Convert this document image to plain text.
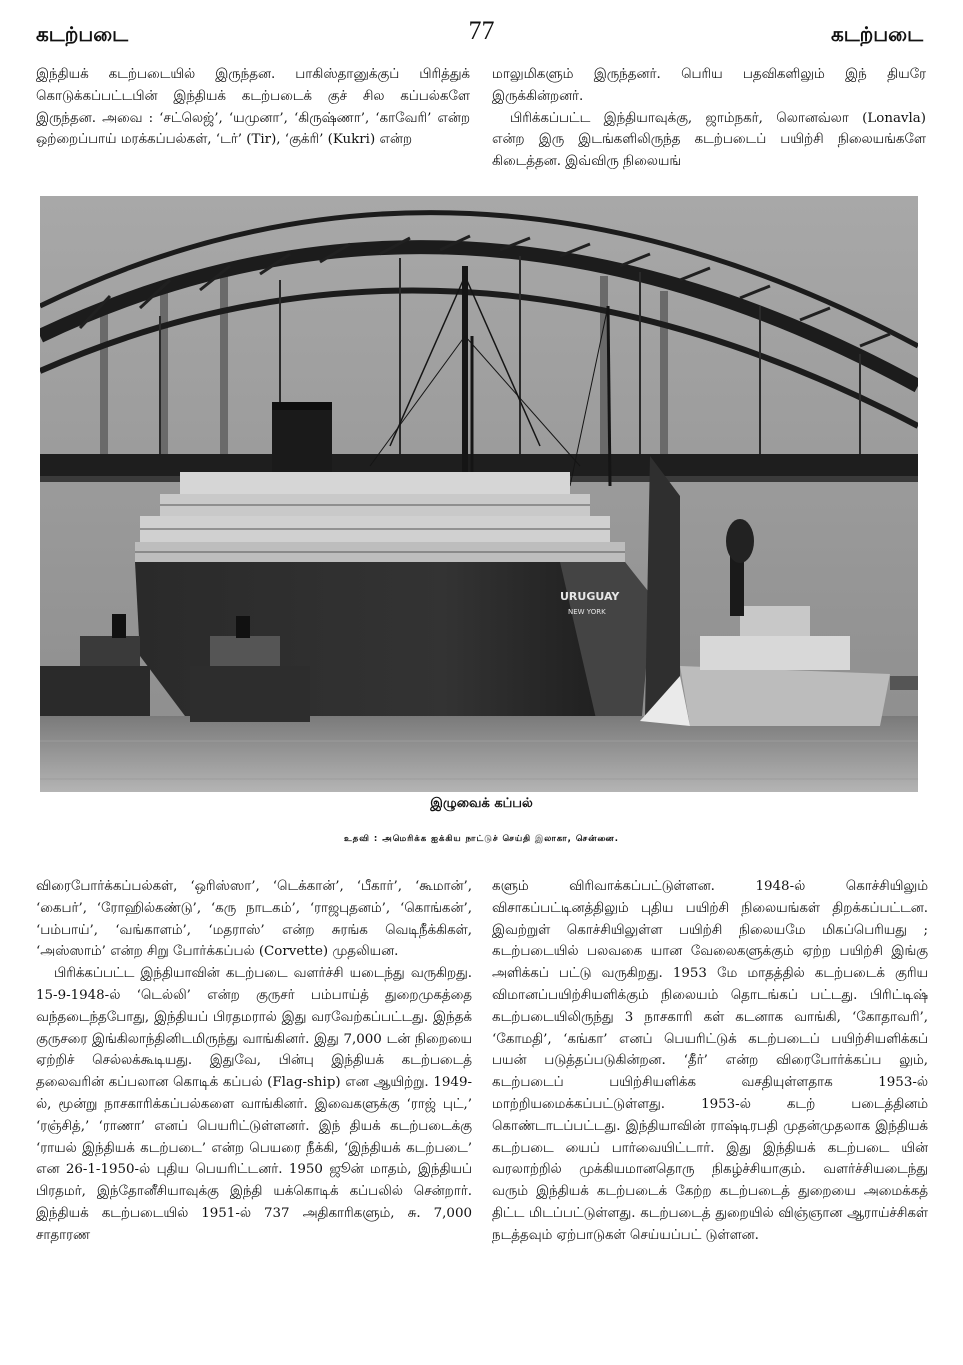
கடற்படை	77	கடற்படை

இந்தியக் கடற்படையில் இருந்தன. பாகிஸ்தானுக்குப் பிரித்துக் கொடுக்கப்பட்டபின் இந்தியக் கடற்படைக் குச் சில கப்பல்களே இருந்தன. அவை : ‘சட்லெஜ்’, ‘யமுனா’, ‘கிருஷ்ணா’, ‘காவேரி’ என்ற ஒற்றைப்பாய் மரக்கப்பல்கள், ‘டர்’ (Tir), ‘குக்ரி’ (Kukri) என்ற

மாலுமிகளும் இருந்தனர். பெரிய பதவிகளிலும் இந் தியரே இருக்கின்றனர்.

பிரிக்கப்பட்ட இந்தியாவுக்கு, ஜாம்நகர், லொனவ்லா (Lonavla) என்ற இரு இடங்களிலிருந்த கடற்படைப் பயிற்சி நிலையங்களே கிடைத்தன. இவ்விரு நிலையங்

URUGUAY
NEW YORK
இழுவைக் கப்பல்
உதவி : அமெரிக்க ஐக்கிய நாட்டுச் செய்தி இலாகா, சென்னை.

விரைபோர்க்கப்பல்கள், ‘ஒரிஸ்ஸா’, ‘டெக்கான்’, ‘பீகார்’, ‘கூமான்’, ‘கைபர்’, ‘ரோஹில்கண்டு’, ‘கரு நாடகம்’, ‘ராஜபுதனம்’, ‘கொங்கன்’, ‘பம்பாய்’, ‘வங்காளம்’, ‘மதராஸ்’ என்ற சுரங்க வெடிநீக்கிகள், ‘அஸ்ஸாம்’ என்ற சிறு போர்க்கப்பல் (Corvette) முதலியன.

பிரிக்கப்பட்ட இந்தியாவின் கடற்படை வளர்ச்சி யடைந்து வருகிறது. 15-9-1948-ல் ‘டெல்லி’ என்ற குருசர் பம்பாய்த் துறைமுகத்தை வந்தடைந்தபோது, இந்தியப் பிரதமரால் இது வரவேற்கப்பட்டது. இந்தக் குருசரை இங்கிலாந்தினிடமிருந்து வாங்கினர். இது 7,000 டன் நிறையை ஏற்றிச் செல்லக்கூடியது. இதுவே, பின்பு இந்தியக் கடற்படைத் தலைவரின் கப்பலான கொடிக் கப்பல் (Flag-ship) என ஆயிற்று. 1949-ல், மூன்று நாசகாரிக்கப்பல்களை வாங்கினர். இவைகளுக்கு ‘ராஜ் புட்,’ ‘ரஞ்சித்,’ ‘ராணா’ எனப் பெயரிட்டுள்ளனர். இந் தியக் கடற்படைக்கு ‘ராயல் இந்தியக் கடற்படை’ என்ற பெயரை நீக்கி, ‘இந்தியக் கடற்படை’ என 26-1-1950-ல் புதிய பெயரிட்டனர். 1950 ஜூன் மாதம், இந்தியப் பிரதமர், இந்தோனீசியாவுக்கு இந்தி யக்கொடிக் கப்பலில் சென்றார். இந்தியக் கடற்படையில் 1951-ல் 737 அதிகாரிகளும், சு. 7,000 சாதாரண

களும் விரிவாக்கப்பட்டுள்ளன. 1948-ல் கொச்சியிலும் விசாகப்பட்டினத்திலும் புதிய பயிற்சி நிலையங்கள் திறக்கப்பட்டன. இவற்றுள் கொச்சியிலுள்ள பயிற்சி நிலையமே மிகப்பெரியது ; கடற்படையில் பலவகை யான வேலைகளுக்கும் ஏற்ற பயிற்சி இங்கு அளிக்கப் பட்டு வருகிறது. 1953 மே மாதத்தில் கடற்படைக் குரிய விமானப்பயிற்சியளிக்கும் நிலையம் தொடங்கப் பட்டது. பிரிட்டிஷ் கடற்படையிலிருந்து 3 நாசகாரி கள் கடனாக வாங்கி, ‘கோதாவரி’, ‘கோமதி’, ‘கங்கா’ எனப் பெயரிட்டுக் கடற்படைப் பயிற்சியளிக்கப் பயன் படுத்தப்படுகின்றன. ‘தீர்’ என்ற விரைபோர்க்கப்ப லும், கடற்படைப் பயிற்சியளிக்க வசதியுள்ளதாக 1953-ல் மாற்றியமைக்கப்பட்டுள்ளது. 1953-ல் கடற் படைத்தினம் கொண்டாடப்பட்டது. இந்தியாவின் ராஷ்டிரபதி முதன்முதலாக இந்தியக் கடற்படை யைப் பார்வையிட்டார். இது இந்தியக் கடற்படை யின் வரலாற்றில் முக்கியமானதொரு நிகழ்ச்சியாகும். வளர்ச்சியடைந்து வரும் இந்தியக் கடற்படைக் கேற்ற கடற்படைத் துறையை அமைக்கத் திட்ட மிடப்பட்டுள்ளது. கடற்படைத் துறையில் விஞ்ஞான ஆராய்ச்சிகள் நடத்தவும் ஏற்பாடுகள் செய்யப்பட் டுள்ளன.
